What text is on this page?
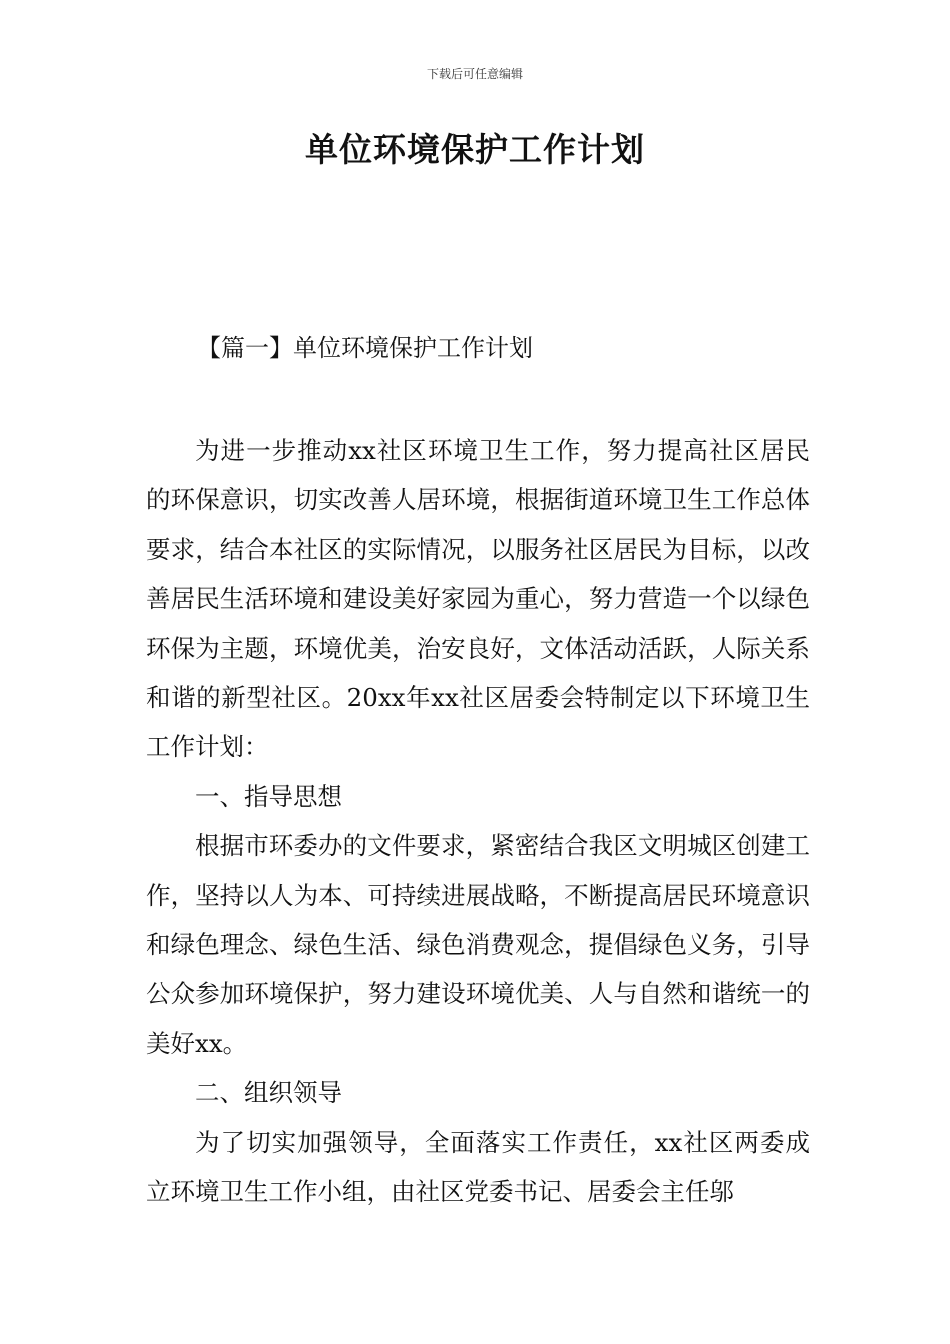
下载后可任意编辑
单位环境保护工作计划
【篇一】单位环境保护工作计划

为进一步推动xx社区环境卫生工作，努力提高社区居民的环保意识，切实改善人居环境，根据街道环境卫生工作总体要求，结合本社区的实际情况，以服务社区居民为目标，以改善居民生活环境和建设美好家园为重心，努力营造一个以绿色环保为主题，环境优美，治安良好，文体活动活跃，人际关系和谐的新型社区。20xx年xx社区居委会特制定以下环境卫生工作计划：

一、指导思想

根据市环委办的文件要求，紧密结合我区文明城区创建工作，坚持以人为本、可持续进展战略，不断提高居民环境意识和绿色理念、绿色生活、绿色消费观念，提倡绿色义务，引导公众参加环境保护，努力建设环境优美、人与自然和谐统一的美好xx。

二、组织领导

为了切实加强领导，全面落实工作责任，xx社区两委成立环境卫生工作小组，由社区党委书记、居委会主任邬
